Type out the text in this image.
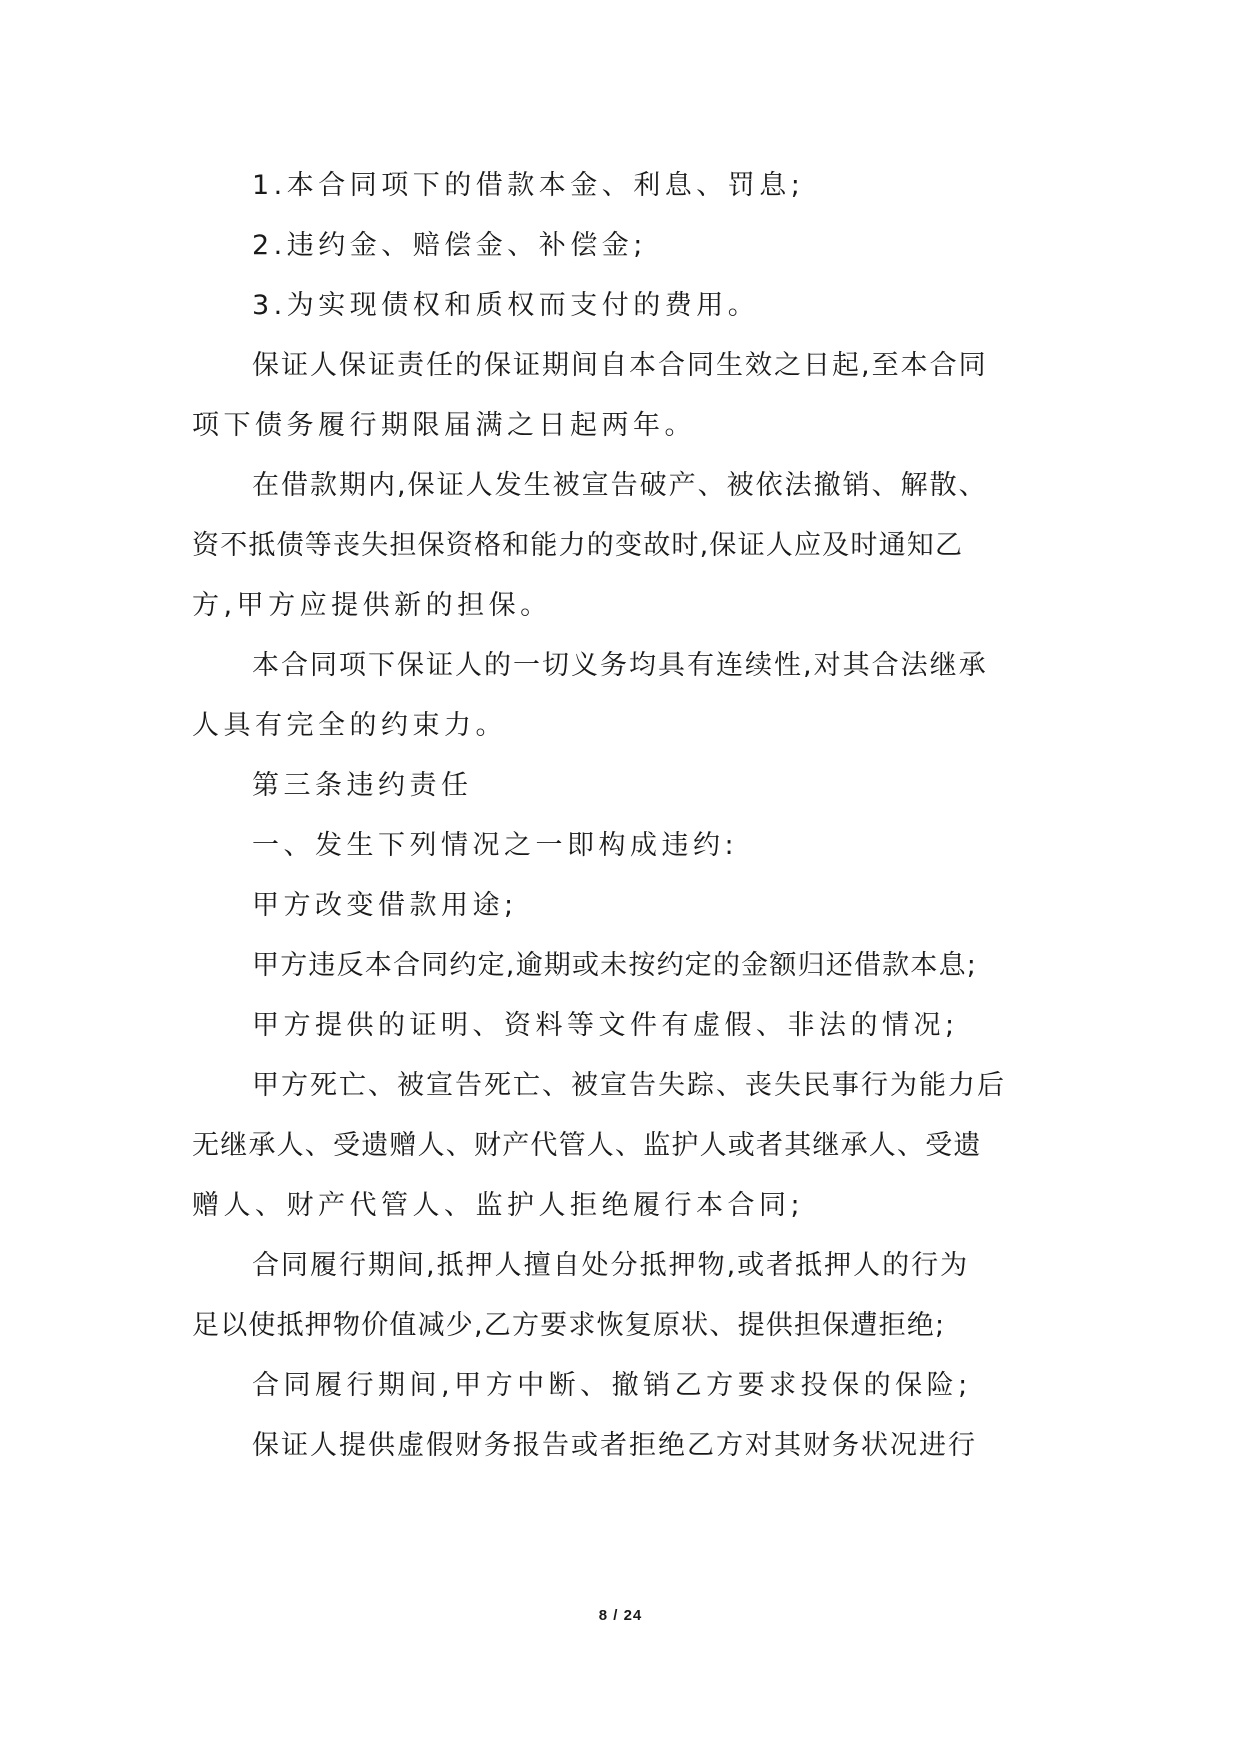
1.本合同项下的借款本金、利息、罚息;
2.违约金、赔偿金、补偿金;
3.为实现债权和质权而支付的费用。
保证人保证责任的保证期间自本合同生效之日起,至本合同
项下债务履行期限届满之日起两年。
在借款期内,保证人发生被宣告破产、被依法撤销、解散、
资不抵债等丧失担保资格和能力的变故时,保证人应及时通知乙
方,甲方应提供新的担保。
本合同项下保证人的一切义务均具有连续性,对其合法继承
人具有完全的约束力。
第三条违约责任
一、发生下列情况之一即构成违约:
甲方改变借款用途;
甲方违反本合同约定,逾期或未按约定的金额归还借款本息;
甲方提供的证明、资料等文件有虚假、非法的情况;
甲方死亡、被宣告死亡、被宣告失踪、丧失民事行为能力后
无继承人、受遗赠人、财产代管人、监护人或者其继承人、受遗
赠人、财产代管人、监护人拒绝履行本合同;
合同履行期间,抵押人擅自处分抵押物,或者抵押人的行为
足以使抵押物价值减少,乙方要求恢复原状、提供担保遭拒绝;
合同履行期间,甲方中断、撤销乙方要求投保的保险;
保证人提供虚假财务报告或者拒绝乙方对其财务状况进行
8 / 24
